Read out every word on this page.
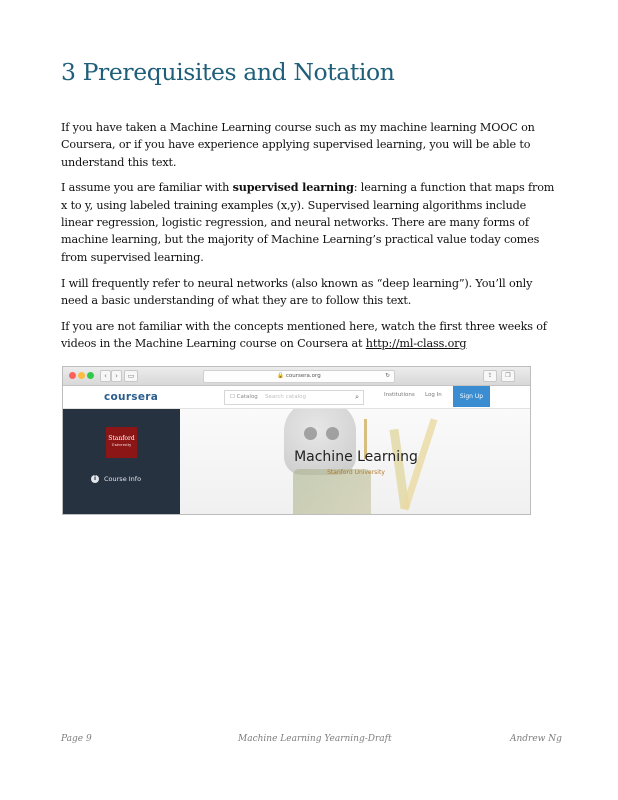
3 Prerequisites and Notation

If you have taken a Machine Learning course such as my machine learning MOOC on Coursera, or if you have experience applying supervised learning, you will be able to understand this text.

I assume you are familiar with supervised learning: learning a function that maps from x to y, using labeled training examples (x,y). Supervised learning algorithms include linear regression, logistic regression, and neural networks. There are many forms of machine learning, but the majority of Machine Learning’s practical value today comes from supervised learning.

I will frequently refer to neural networks (also known as “deep learning”). You’ll only need a basic understanding of what they are to follow this text.

If you are not familiar with the concepts mentioned here, watch the first three weeks of videos in the Machine Learning course on Coursera at http://ml-class.org

‹	›	▭	🔒 coursera.org	↻	⇪	❐
coursera	☐ Catalog Search catalog	⌕	Institutions Log In	Sign Up
Stanford
University
i Course Info
Machine Learning
Stanford University
Page 9	Machine Learning Yearning-Draft	Andrew Ng
